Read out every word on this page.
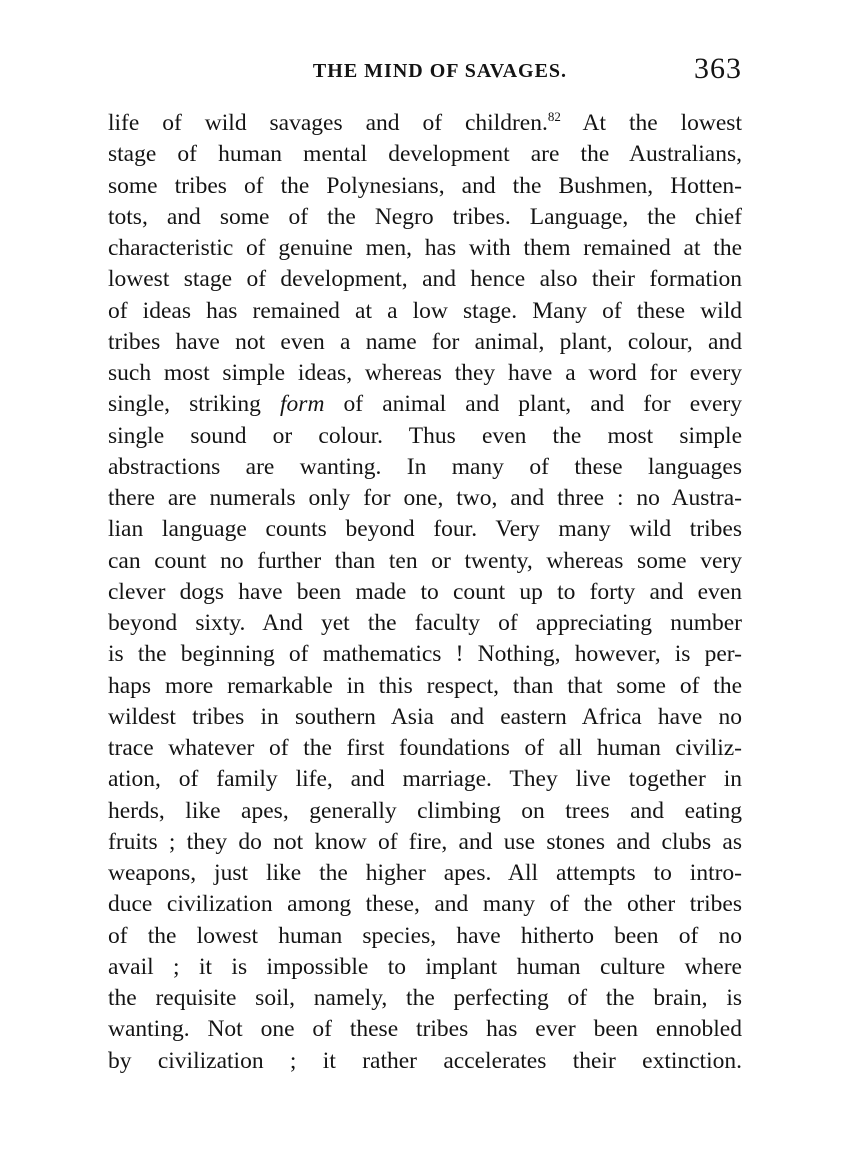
THE MIND OF SAVAGES.	363
life of wild savages and of children.$^{82}$ At the lowest
stage of human mental development are the Australians,
some tribes of the Polynesians, and the Bushmen, Hotten-
tots, and some of the Negro tribes. Language, the chief
characteristic of genuine men, has with them remained at the
lowest stage of development, and hence also their formation
of ideas has remained at a low stage. Many of these wild
tribes have not even a name for animal, plant, colour, and
such most simple ideas, whereas they have a word for every
single, striking form of animal and plant, and for every
single sound or colour. Thus even the most simple
abstractions are wanting. In many of these languages
there are numerals only for one, two, and three : no Austra-
lian language counts beyond four. Very many wild tribes
can count no further than ten or twenty, whereas some very
clever dogs have been made to count up to forty and even
beyond sixty. And yet the faculty of appreciating number
is the beginning of mathematics ! Nothing, however, is per-
haps more remarkable in this respect, than that some of the
wildest tribes in southern Asia and eastern Africa have no
trace whatever of the first foundations of all human civiliz-
ation, of family life, and marriage. They live together in
herds, like apes, generally climbing on trees and eating
fruits ; they do not know of fire, and use stones and clubs as
weapons, just like the higher apes. All attempts to intro-
duce civilization among these, and many of the other tribes
of the lowest human species, have hitherto been of no
avail ; it is impossible to implant human culture where
the requisite soil, namely, the perfecting of the brain, is
wanting. Not one of these tribes has ever been ennobled
by civilization ; it rather accelerates their extinction.
